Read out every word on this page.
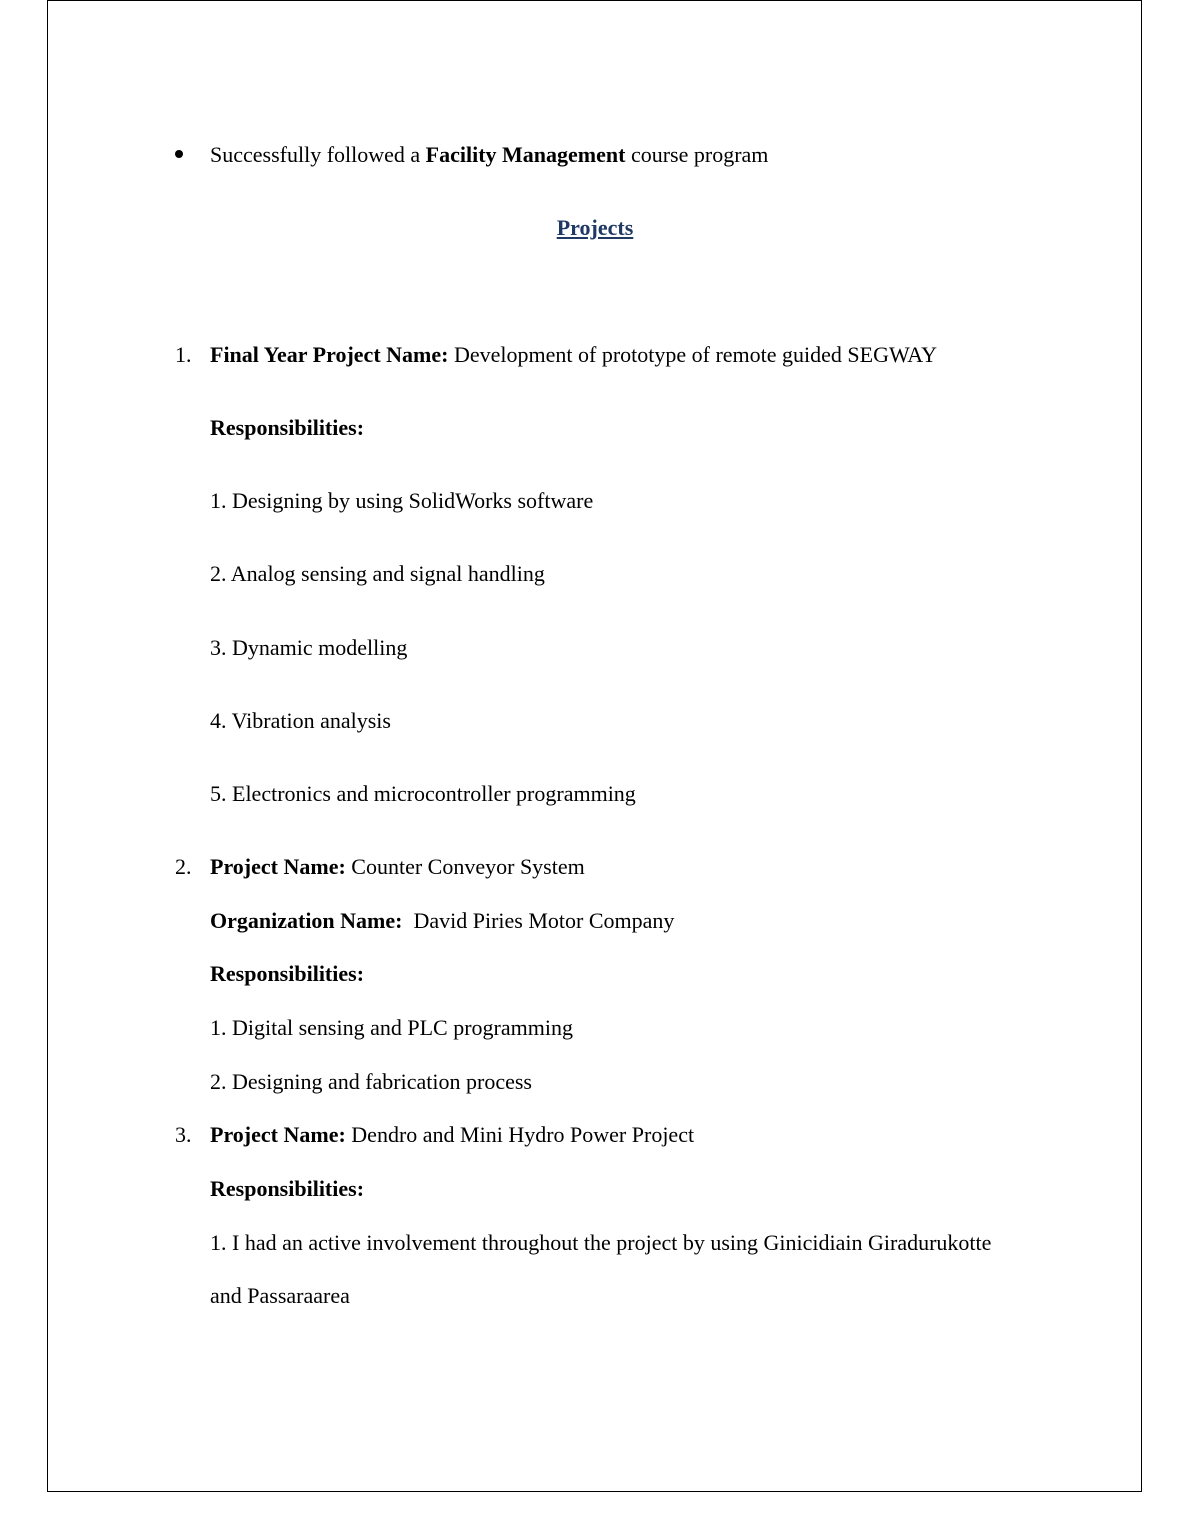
Successfully followed a Facility Management course program
Projects
1. Final Year Project Name: Development of prototype of remote guided SEGWAY
Responsibilities:
1. Designing by using SolidWorks software
2. Analog sensing and signal handling
3. Dynamic modelling
4. Vibration analysis
5. Electronics and microcontroller programming
2. Project Name: Counter Conveyor System
Organization Name:  David Piries Motor Company
Responsibilities:
1. Digital sensing and PLC programming
2. Designing and fabrication process
3. Project Name: Dendro and Mini Hydro Power Project
Responsibilities:
1. I had an active involvement throughout the project by using Ginicidiain Giradurukotte
and Passaraarea
